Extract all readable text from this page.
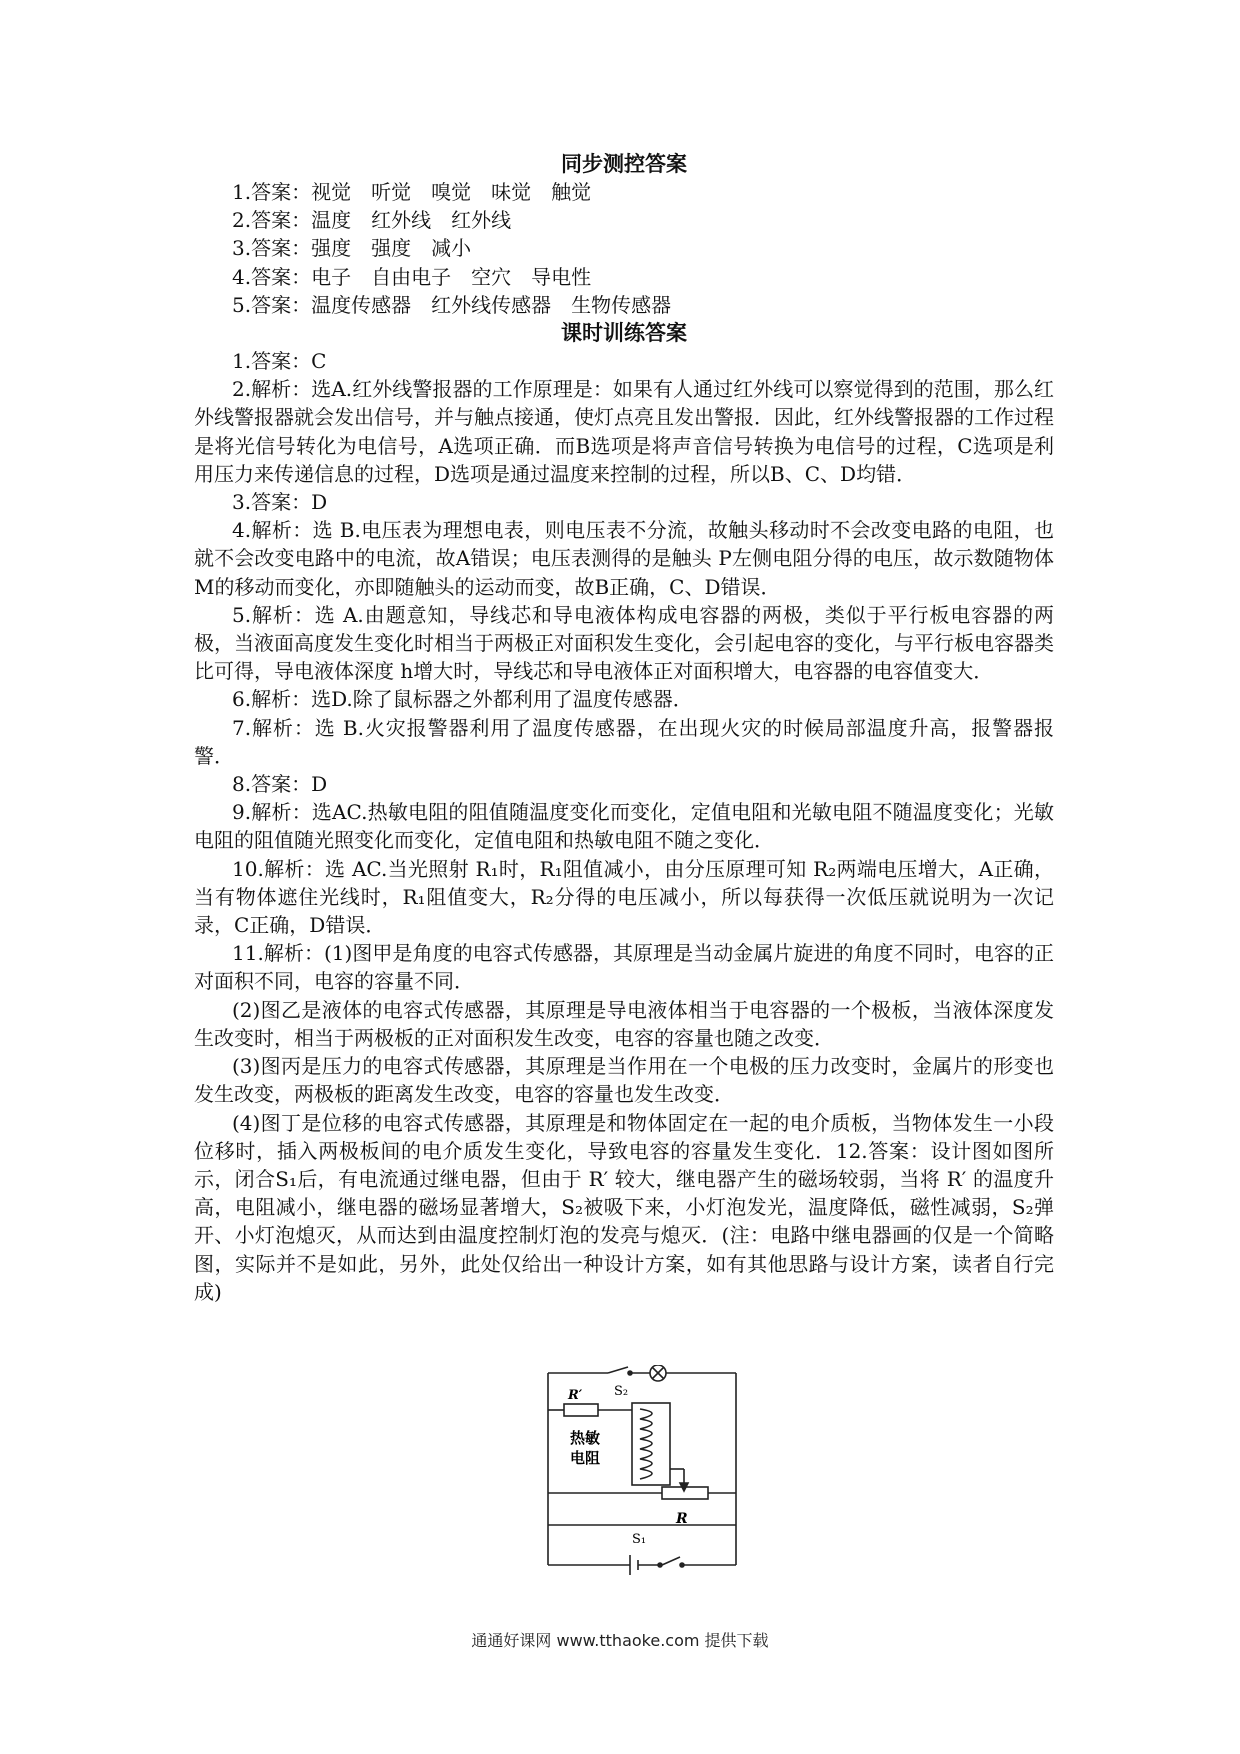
同步测控答案

1.答案：视觉　听觉　嗅觉　味觉　触觉

2.答案：温度　红外线　红外线

3.答案：强度　强度　减小

4.答案：电子　自由电子　空穴　导电性

5.答案：温度传感器　红外线传感器　生物传感器

课时训练答案

1.答案：C

2.解析：选A.红外线警报器的工作原理是：如果有人通过红外线可以察觉得到的范围，那么红外线警报器就会发出信号，并与触点接通，使灯点亮且发出警报．因此，红外线警报器的工作过程是将光信号转化为电信号，A选项正确．而B选项是将声音信号转换为电信号的过程，C选项是利用压力来传递信息的过程，D选项是通过温度来控制的过程，所以B、C、D均错．

3.答案：D

4.解析：选 B.电压表为理想电表，则电压表不分流，故触头移动时不会改变电路的电阻，也就不会改变电路中的电流，故A错误；电压表测得的是触头 P左侧电阻分得的电压，故示数随物体 M的移动而变化，亦即随触头的运动而变，故B正确，C、D错误．

5.解析：选 A.由题意知，导线芯和导电液体构成电容器的两极，类似于平行板电容器的两极，当液面高度发生变化时相当于两极正对面积发生变化，会引起电容的变化，与平行板电容器类比可得，导电液体深度 h增大时，导线芯和导电液体正对面积增大，电容器的电容值变大．

6.解析：选D.除了鼠标器之外都利用了温度传感器．

7.解析：选 B.火灾报警器利用了温度传感器，在出现火灾的时候局部温度升高，报警器报警．

8.答案：D

9.解析：选AC.热敏电阻的阻值随温度变化而变化，定值电阻和光敏电阻不随温度变化；光敏电阻的阻值随光照变化而变化，定值电阻和热敏电阻不随之变化．

10.解析：选 AC.当光照射 R₁时，R₁阻值减小，由分压原理可知 R₂两端电压增大，A正确，当有物体遮住光线时，R₁阻值变大，R₂分得的电压减小，所以每获得一次低压就说明为一次记录，C正确，D错误．

11.解析：(1)图甲是角度的电容式传感器，其原理是当动金属片旋进的角度不同时，电容的正对面积不同，电容的容量不同．

(2)图乙是液体的电容式传感器，其原理是导电液体相当于电容器的一个极板，当液体深度发生改变时，相当于两极板的正对面积发生改变，电容的容量也随之改变．

(3)图丙是压力的电容式传感器，其原理是当作用在一个电极的压力改变时，金属片的形变也发生改变，两极板的距离发生改变，电容的容量也发生改变．

(4)图丁是位移的电容式传感器，其原理是和物体固定在一起的电介质板，当物体发生一小段位移时，插入两极板间的电介质发生变化，导致电容的容量发生变化．12.答案：设计图如图所示，闭合S₁后，有电流通过继电器，但由于 R′ 较大，继电器产生的磁场较弱，当将 R′ 的温度升高，电阻减小，继电器的磁场显著增大，S₂被吸下来，小灯泡发光，温度降低，磁性减弱，S₂弹开、小灯泡熄灭，从而达到由温度控制灯泡的发亮与熄灭．(注：电路中继电器画的仅是一个简略图，实际并不是如此，另外，此处仅给出一种设计方案，如有其他思路与设计方案，读者自行完成)

S₂
R′
热敏
电阻
S₁
R
通通好课网 www.tthaoke.com 提供下载
